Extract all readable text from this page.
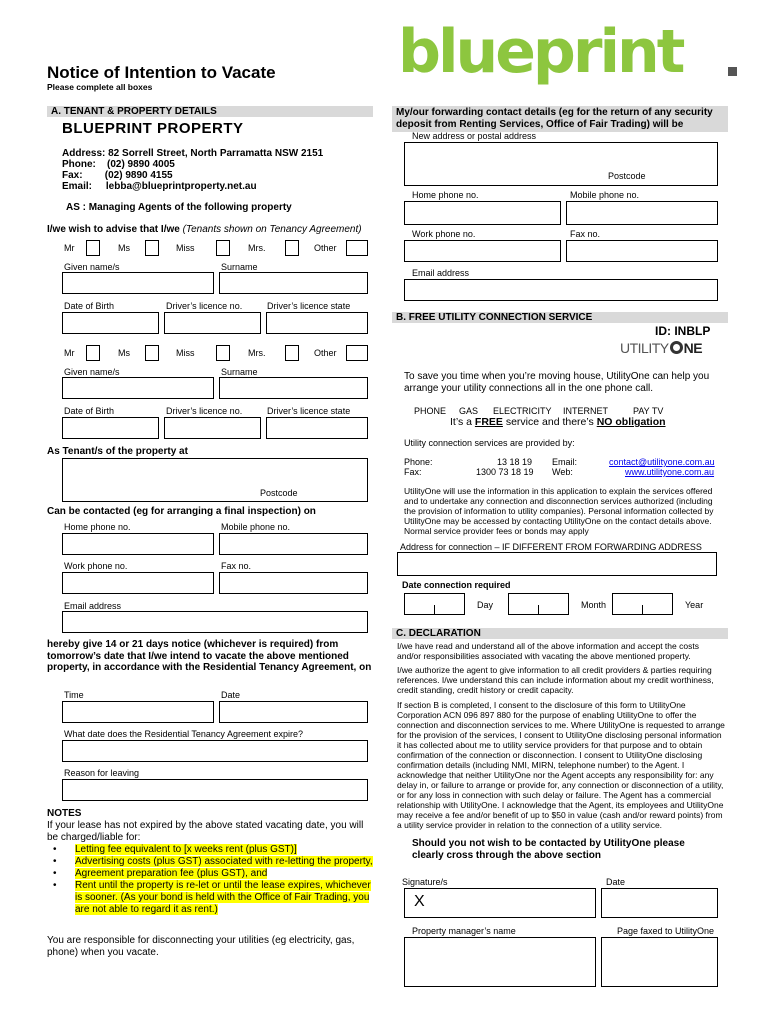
Notice of Intention to Vacate
Please complete all boxes	blueprint
A. TENANT & PROPERTY DETAILS
BLUEPRINT PROPERTY
Address: 82 Sorrell Street, North Parramatta NSW 2151
Phone:    (02) 9890 4005
Fax:        (02) 9890 4155
Email:     lebba@blueprintproperty.net.au
AS : Managing Agents of the following property
I/we wish to advise that I/we (Tenants shown on Tenancy Agreement)
Mr	Ms	Miss	Mrs.	Other
Given name/s	Surname
Date of Birth	Driver’s licence no.	Driver’s licence state
Mr	Ms	Miss	Mrs.	Other
Given name/s	Surname
Date of Birth	Driver’s licence no.	Driver’s licence state
As Tenant/s of the property at
Postcode
Can be contacted (eg for arranging a final inspection) on
Home phone no.	Mobile phone no.
Work phone no.	Fax no.
Email address
hereby give 14 or 21 days notice (whichever is required) from tomorrow’s date that I/we intend to vacate the above mentioned property, in accordance with the Residential Tenancy Agreement, on
Time	Date
What date does the Residential Tenancy Agreement expire?
Reason for leaving
NOTES
If your lease has not expired by the above stated vacating date, you will be charged/liable for:
• Letting fee equivalent to [x weeks rent (plus GST)]
• Advertising costs (plus GST) associated with re-letting the property,
• Agreement preparation fee (plus GST), and
• Rent until the property is re-let or until the lease expires, whichever is sooner. (As your bond is held with the Office of Fair Trading, you are not able to regard it as rent.)
You are responsible for disconnecting your utilities (eg electricity, gas, phone) when you vacate.
My/our forwarding contact details (eg for the return of any security deposit from Renting Services, Office of Fair Trading) will be
New address or postal address
Postcode
Home phone no.	Mobile phone no.
Work phone no.	Fax no.
Email address
B. FREE UTILITY CONNECTION SERVICE
ID: INBLP
UTILITY NE
To save you time when you’re moving house, UtilityOne can help you arrange your utility connections all in the one phone call.
PHONE GAS ELECTRICITY INTERNET	PAY TV
It’s a FREE service and there’s NO obligation
Utility connection services are provided by:
Phone:	13 18 19
Fax:	1300 73 18 19
Email:	contact@utilityone.com.au
Web:	www.utilityone.com.au
UtilityOne will use the information in this application to explain the services offered and to undertake any connection and disconnection services authorized (including the provision of information to utility companies). Personal information collected by UtilityOne may be accessed by contacting UtilityOne on the contact details above. Normal service provider fees or bonds may apply
Address for connection – IF DIFFERENT FROM FORWARDING ADDRESS
Date connection required
Day	Month	Year
C. DECLARATION
I/we have read and understand all of the above information and accept the costs and/or responsibilities associated with vacating the above mentioned property.
I/we authorize the agent to give information to all credit providers & parties requiring references. I/we understand this can include information about my credit worthiness, credit standing, credit history or credit capacity.
If section B is completed, I consent to the disclosure of this form to UtilityOne Corporation ACN 096 897 880 for the purpose of enabling UtilityOne to offer the connection and disconnection services to me. Where UtilityOne is requested to arrange for the provision of the services, I consent to UtilityOne disclosing personal information it has collected about me to utility service providers for that purpose and to obtain confirmation of the connection or disconnection. I consent to UtilityOne disclosing confirmation details (including NMI, MIRN, telephone number) to the Agent. I acknowledge that neither UtilityOne nor the Agent accepts any responsibility for: any delay in, or failure to arrange or provide for, any connection or disconnection of a utility, or for any loss in connection with such delay or failure. The Agent has a commercial relationship with UtilityOne. I acknowledge that the Agent, its employees and UtilityOne may receive a fee and/or benefit of up to $50 in value (cash and/or reward points) from a utility service provider in relation to the connection of a utility service.
Should you not wish to be contacted by UtilityOne please clearly cross through the above section
Signature/s	Date
X
Property manager’s name	Page faxed to UtilityOne
